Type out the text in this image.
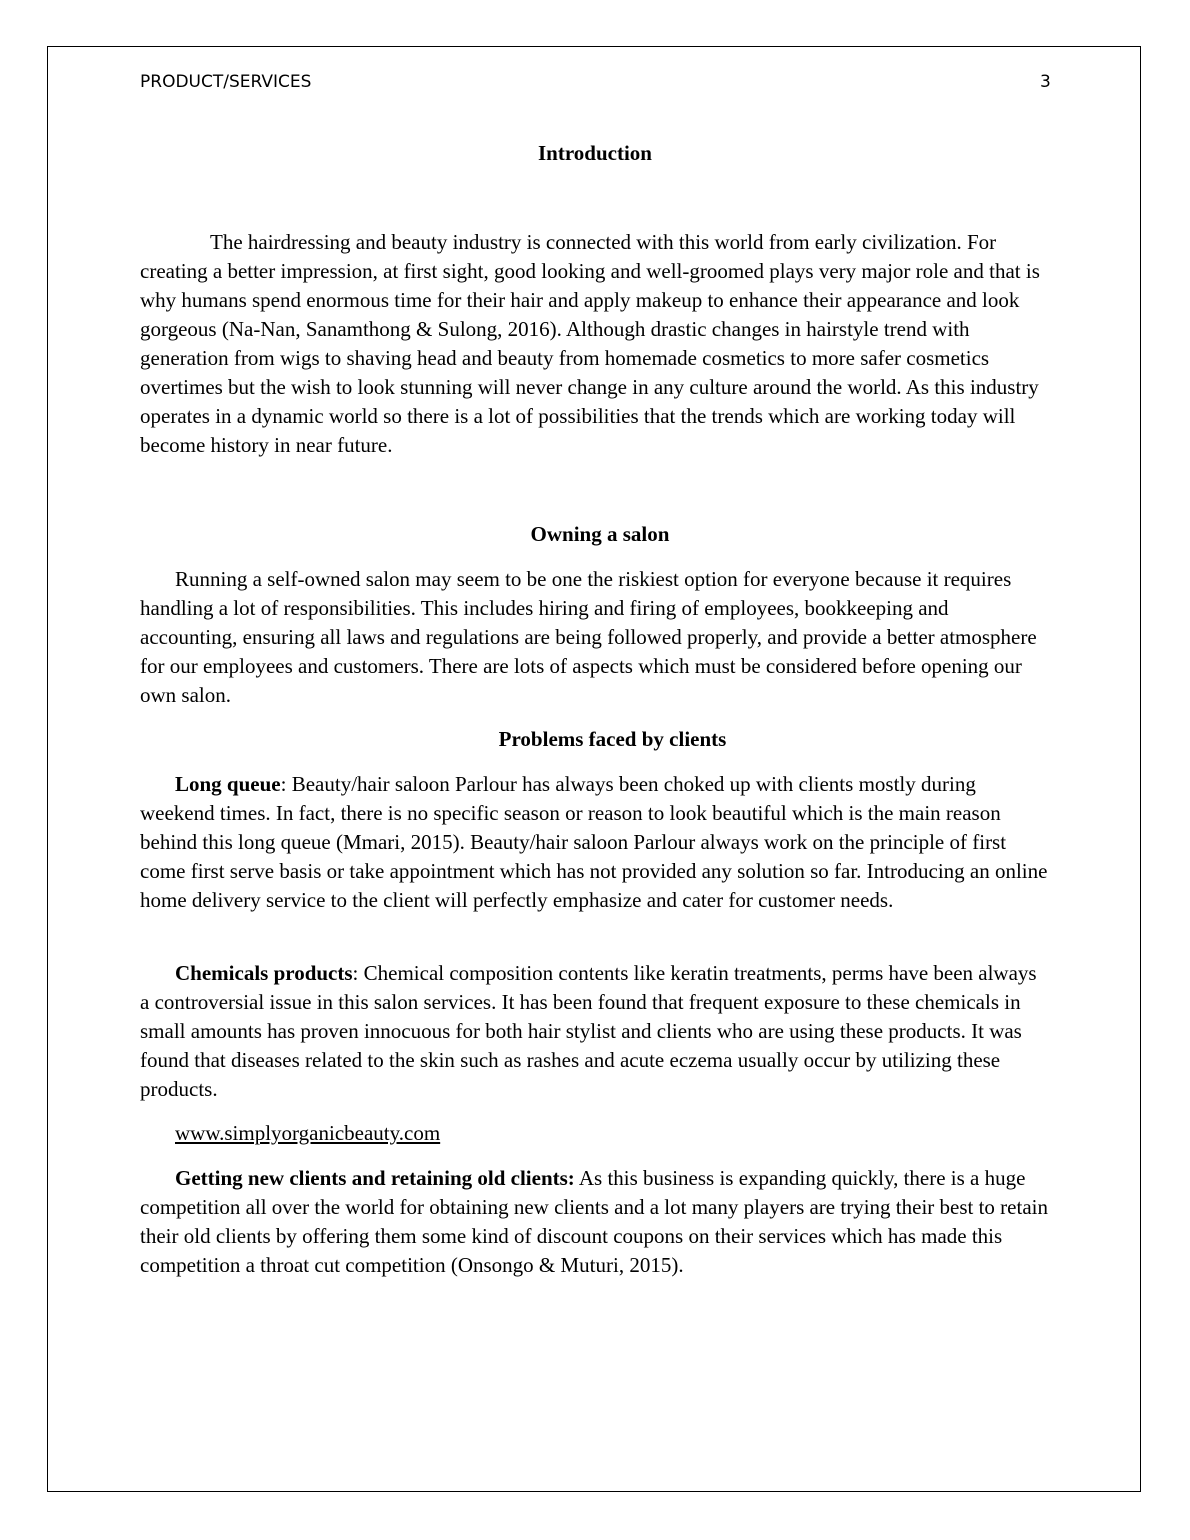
PRODUCT/SERVICES	3
Introduction

The hairdressing and beauty industry is connected with this world from early civilization. For creating a better impression, at first sight, good looking and well-groomed plays very major role and that is why humans spend enormous time for their hair and apply makeup to enhance their appearance and look gorgeous (Na-Nan, Sanamthong & Sulong, 2016). Although drastic changes in hairstyle trend with generation from wigs to shaving head and beauty from homemade cosmetics to more safer cosmetics overtimes but the wish to look stunning will never change in any culture around the world. As this industry operates in a dynamic world so there is a lot of possibilities that the trends which are working today will become history in near future.

Owning a salon

Running a self-owned salon may seem to be one the riskiest option for everyone because it requires handling a lot of responsibilities. This includes hiring and firing of employees, bookkeeping and accounting, ensuring all laws and regulations are being followed properly, and provide a better atmosphere for our employees and customers. There are lots of aspects which must be considered before opening our own salon.

Problems faced by clients

Long queue: Beauty/hair saloon Parlour has always been choked up with clients mostly during weekend times. In fact, there is no specific season or reason to look beautiful which is the main reason behind this long queue (Mmari, 2015). Beauty/hair saloon Parlour always work on the principle of first come first serve basis or take appointment which has not provided any solution so far. Introducing an online home delivery service to the client will perfectly emphasize and cater for customer needs.

Chemicals products: Chemical composition contents like keratin treatments, perms have been always a controversial issue in this salon services. It has been found that frequent exposure to these chemicals in small amounts has proven innocuous for both hair stylist and clients who are using these products. It was found that diseases related to the skin such as rashes and acute eczema usually occur by utilizing these products.

www.simplyorganicbeauty.com

Getting new clients and retaining old clients: As this business is expanding quickly, there is a huge competition all over the world for obtaining new clients and a lot many players are trying their best to retain their old clients by offering them some kind of discount coupons on their services which has made this competition a throat cut competition (Onsongo & Muturi, 2015).
